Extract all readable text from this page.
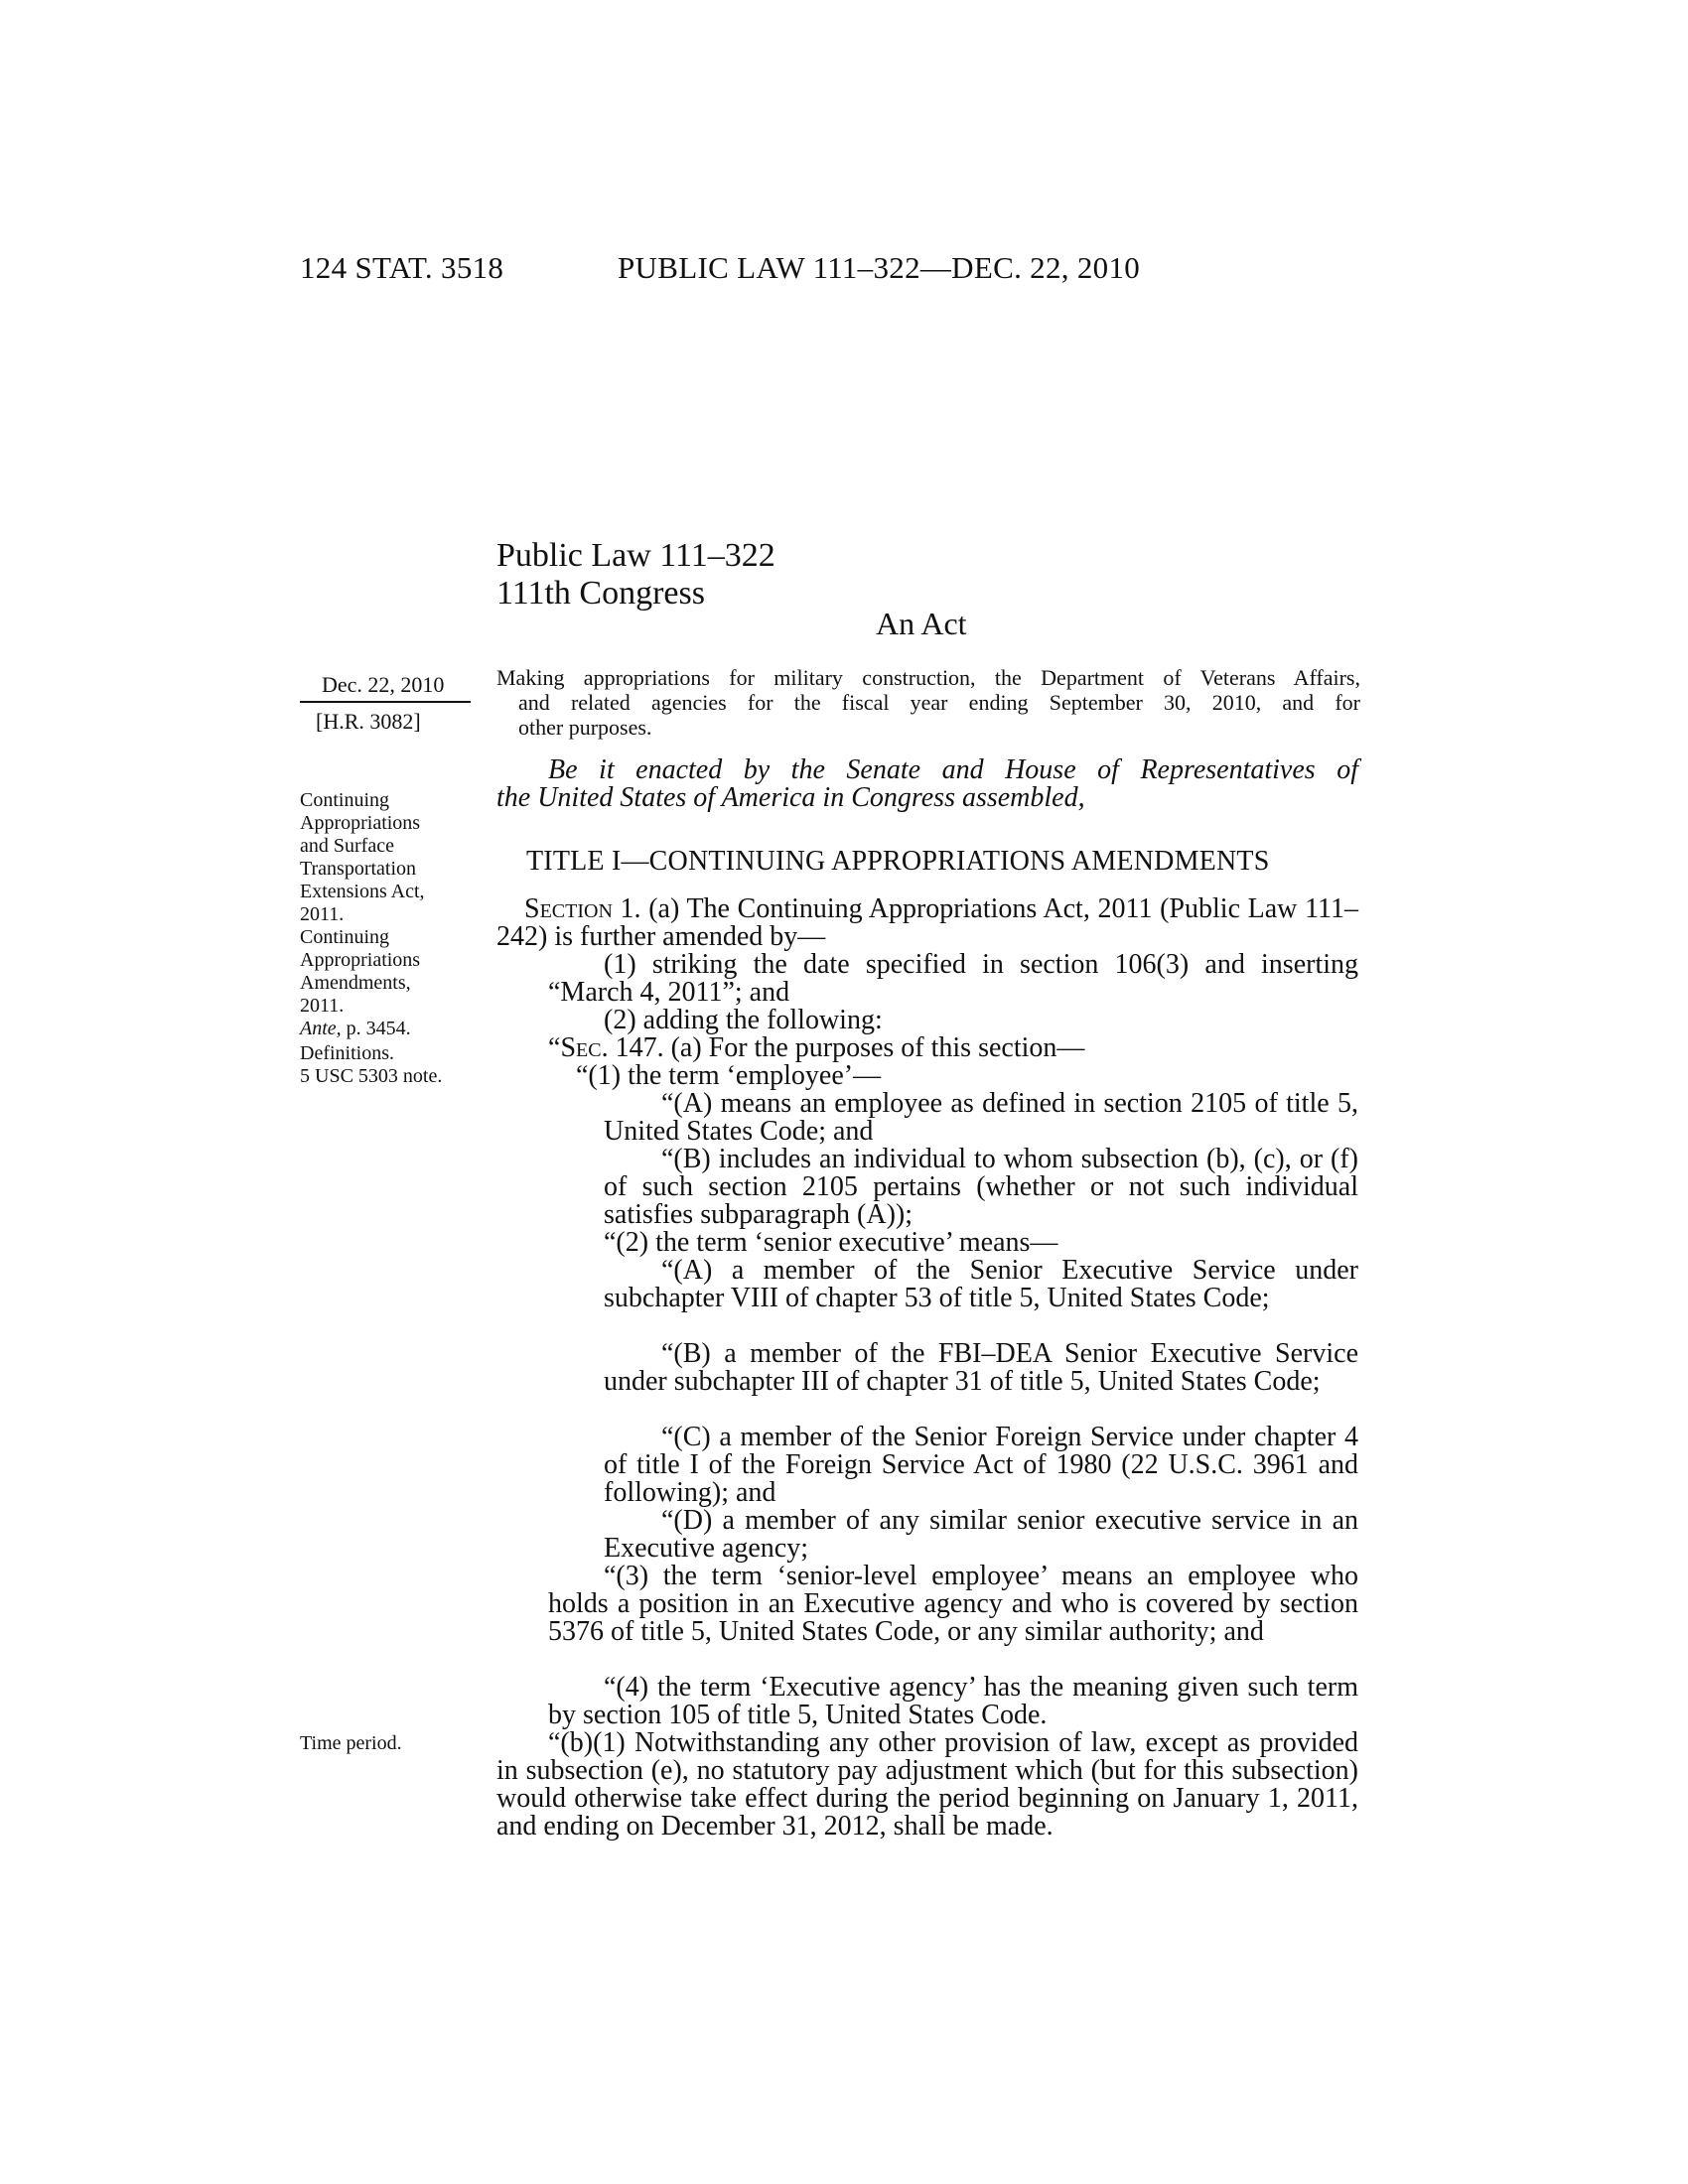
124 STAT. 3518	PUBLIC LAW 111–322—DEC. 22, 2010
Public Law 111–322
111th Congress
An Act
Dec. 22, 2010
[H.R. 3082]
Making appropriations for military construction, the Department of Veterans Affairs,
and related agencies for the fiscal year ending September 30, 2010, and for
other purposes.
Be it enacted by the Senate and House of Representatives of
the United States of America in Congress assembled,
Continuing
Appropriations
and Surface
Transportation
Extensions Act,
2011.
Continuing
Appropriations
Amendments,
2011.
Ante, p. 3454.
Definitions.
5 USC 5303 note.
Time period.
TITLE I—CONTINUING APPROPRIATIONS AMENDMENTS

Section 1. (a) The Continuing Appropriations Act, 2011 (Public Law 111–242) is further amended by—

(1) striking the date specified in section 106(3) and inserting “March 4, 2011”; and

(2) adding the following:

“Sec. 147. (a) For the purposes of this section—

“(1) the term ‘employee’—

“(A) means an employee as defined in section 2105 of title 5, United States Code; and

“(B) includes an individual to whom subsection (b), (c), or (f) of such section 2105 pertains (whether or not such individual satisfies subparagraph (A));

“(2) the term ‘senior executive’ means—

“(A) a member of the Senior Executive Service under subchapter VIII of chapter 53 of title 5, United States Code;

“(B) a member of the FBI–DEA Senior Executive Service under subchapter III of chapter 31 of title 5, United States Code;

“(C) a member of the Senior Foreign Service under chapter 4 of title I of the Foreign Service Act of 1980 (22 U.S.C. 3961 and following); and

“(D) a member of any similar senior executive service in an Executive agency;

“(3) the term ‘senior-level employee’ means an employee who holds a position in an Executive agency and who is covered by section 5376 of title 5, United States Code, or any similar authority; and

“(4) the term ‘Executive agency’ has the meaning given such term by section 105 of title 5, United States Code.

“(b)(1) Notwithstanding any other provision of law, except as provided in subsection (e), no statutory pay adjustment which (but for this subsection) would otherwise take effect during the period beginning on January 1, 2011, and ending on December 31, 2012, shall be made.
